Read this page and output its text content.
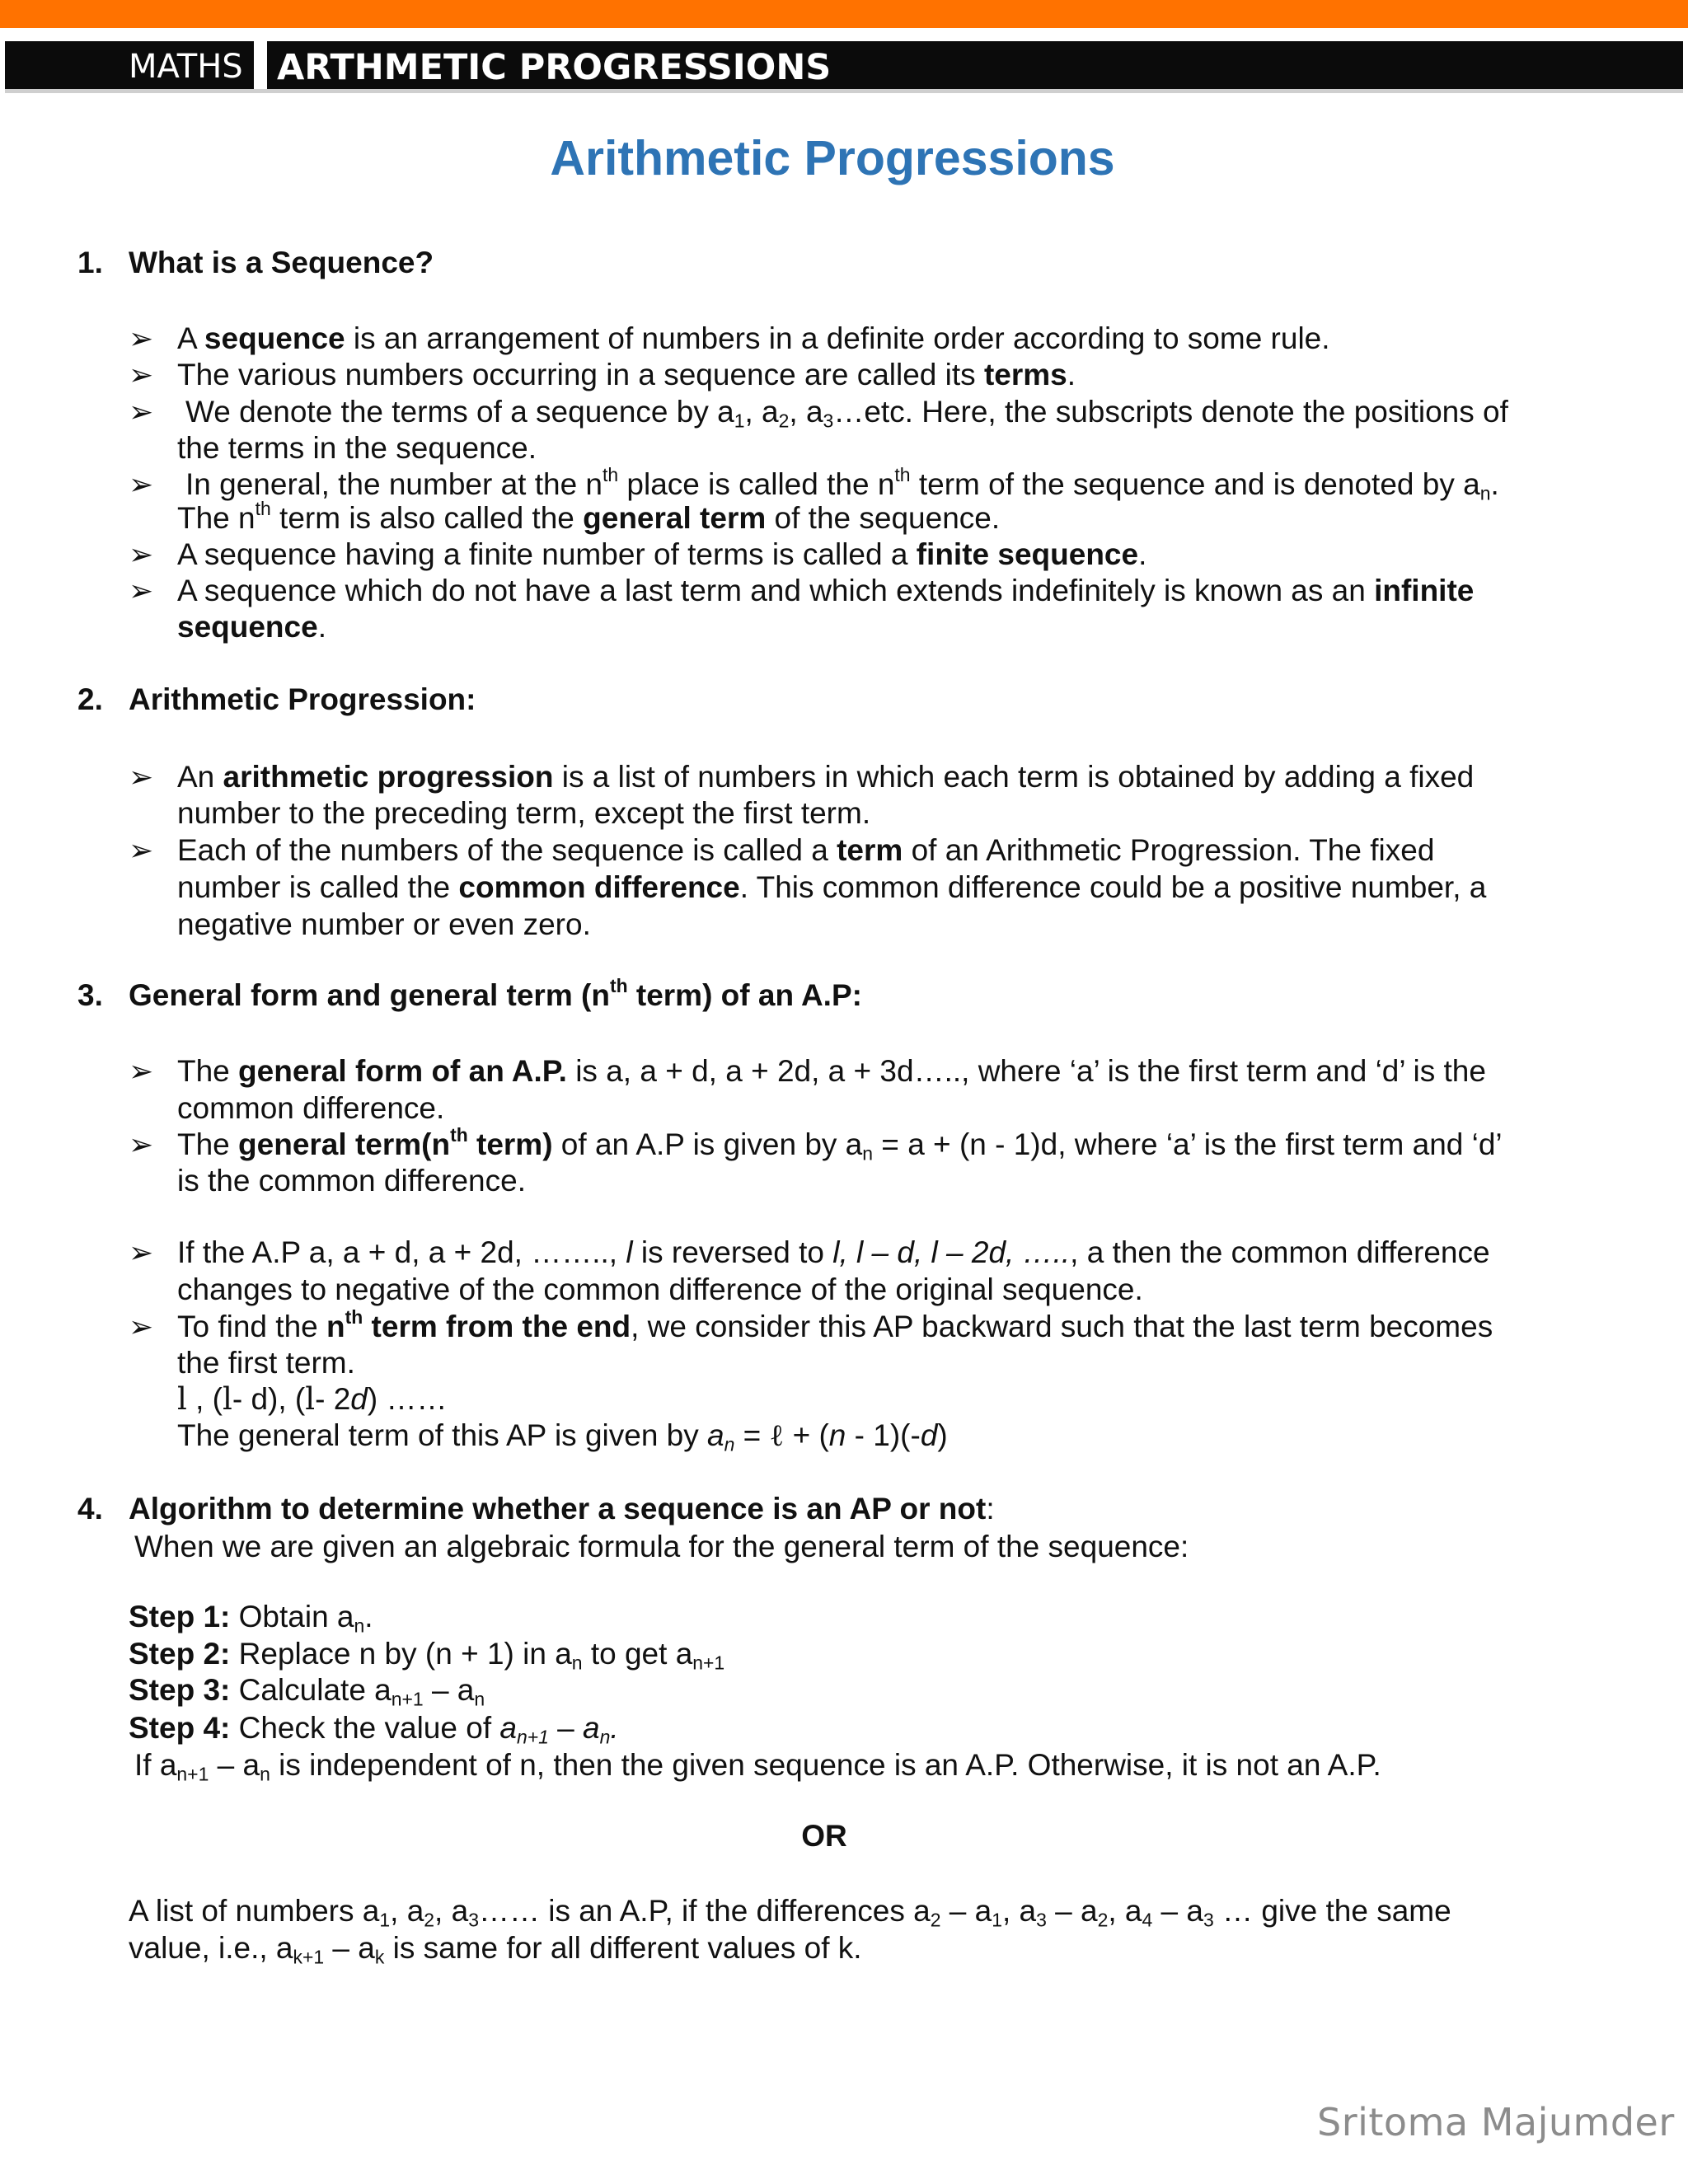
MATHS ARTHMETIC PROGRESSIONS
Arithmetic Progressions
1. What is a Sequence?
➢ A sequence is an arrangement of numbers in a definite order according to some rule.
➢ The various numbers occurring in a sequence are called its terms.
➢ We denote the terms of a sequence by $a_1$, $a_2$, $a_3\dots etc$. Here, the subscripts denote the positions of
the terms in the sequence.
➢ In general, the number at the $n^{th}$ place is called the $n^{th}$ term of the sequence and is denoted by $a_n$.
The $n^{th}$ term is also called the general term of the sequence.
➢ A sequence having a finite number of terms is called a finite sequence.
➢ A sequence which do not have a last term and which extends indefinitely is known as an infinite
sequence.
2. Arithmetic Progression:
➢ An arithmetic progression is a list of numbers in which each term is obtained by adding a fixed
number to the preceding term, except the first term.
➢ Each of the numbers of the sequence is called a term of an Arithmetic Progression. The fixed
number is called the common difference. This common difference could be a positive number, a
negative number or even zero.
3. General form and general term ($n^{th}$ term) of an A.P:
➢ The general form of an A.P. is a, a + d, a + 2d, a + 3d….., where ‘a’ is the first term and ‘d’ is the
common difference.
➢ The general $term(n^{th}$ term) of an A.P is given by $a_n = a + (n - 1)d$, where ‘a’ is the first term and ‘d’
is the common difference.
➢ If the A.P a, a + d, a + 2d, …….., l is reversed to l, l – d, l – 2d, ….., a then the common difference
changes to negative of the common difference of the original sequence.
➢ To find the $n^{th}$ term from the end, we consider this AP backward such that the last term becomes
the first term.
l , (l- d), (l- 2d) ……
The general term of this AP is given by $a_n$ = ℓ + (n - 1)(-d)
4. Algorithm to determine whether a sequence is an AP or not:
When we are given an algebraic formula for the general term of the sequence:
Step 1: Obtain $a_n$.
Step 2: Replace n by (n + 1) in $a_n$ to get $a_{n+1}$
Step 3: Calculate $a_{n+1} - a_n$
Step 4: Check the value of $a_{n+1} - a_n$.
If $a_{n+1} - a_n$ is independent of n, then the given sequence is an A.P. Otherwise, it is not an A.P.
OR
A list of numbers $a_1$, $a_2$, $a_3\dots\dots$ is an A.P, if the differences $a_2 - a_1$, $a_3 - a_2$, $a_4 - a_3$ … give the same
value, i.e., $a_{k+1} - a_k$ is same for all different values of k.
Sritoma Majumder
